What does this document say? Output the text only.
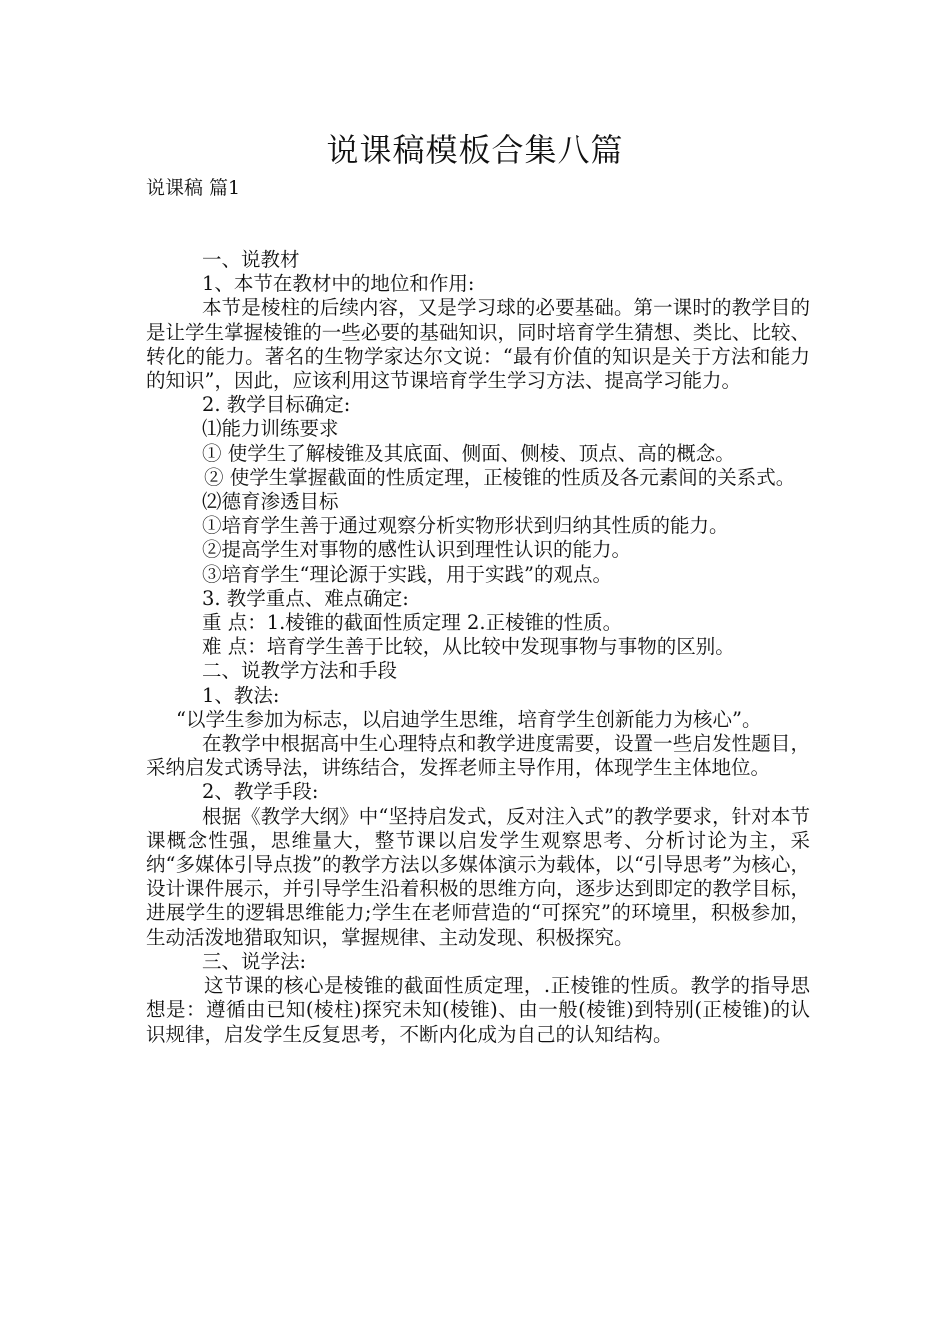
说课稿模板合集八篇
说课稿 篇1

一、说教材

1、本节在教材中的地位和作用:

本节是棱柱的后续内容，又是学习球的必要基础。第一课时的教学目的是让学生掌握棱锥的一些必要的基础知识，同时培育学生猜想、类比、比较、转化的能力。著名的生物学家达尔文说：“最有价值的知识是关于方法和能力的知识”，因此，应该利用这节课培育学生学习方法、提高学习能力。

2. 教学目标确定:

⑴能力训练要求

① 使学生了解棱锥及其底面、侧面、侧棱、顶点、高的概念。

② 使学生掌握截面的性质定理，正棱锥的性质及各元素间的关系式。

⑵德育渗透目标

①培育学生善于通过观察分析实物形状到归纳其性质的能力。

②提高学生对事物的感性认识到理性认识的能力。

③培育学生“理论源于实践，用于实践”的观点。

3. 教学重点、难点确定:

重 点：1.棱锥的截面性质定理 2.正棱锥的性质。

难 点：培育学生善于比较，从比较中发现事物与事物的区别。

二、说教学方法和手段

1、教法:

“以学生参加为标志，以启迪学生思维，培育学生创新能力为核心”。

在教学中根据高中生心理特点和教学进度需要，设置一些启发性题目，采纳启发式诱导法，讲练结合，发挥老师主导作用，体现学生主体地位。

2、教学手段:

根据《教学大纲》中“坚持启发式，反对注入式”的教学要求，针对本节课概念性强，思维量大，整节课以启发学生观察思考、分析讨论为主，采纳“多媒体引导点拨”的教学方法以多媒体演示为载体，以“引导思考”为核心，设计课件展示，并引导学生沿着积极的思维方向，逐步达到即定的教学目标，进展学生的逻辑思维能力;学生在老师营造的“可探究”的环境里，积极参加，生动活泼地猎取知识，掌握规律、主动发现、积极探究。

三、说学法:

这节课的核心是棱锥的截面性质定理，.正棱锥的性质。教学的指导思想是：遵循由已知(棱柱)探究未知(棱锥)、由一般(棱锥)到特别(正棱锥)的认识规律，启发学生反复思考，不断内化成为自己的认知结构。
